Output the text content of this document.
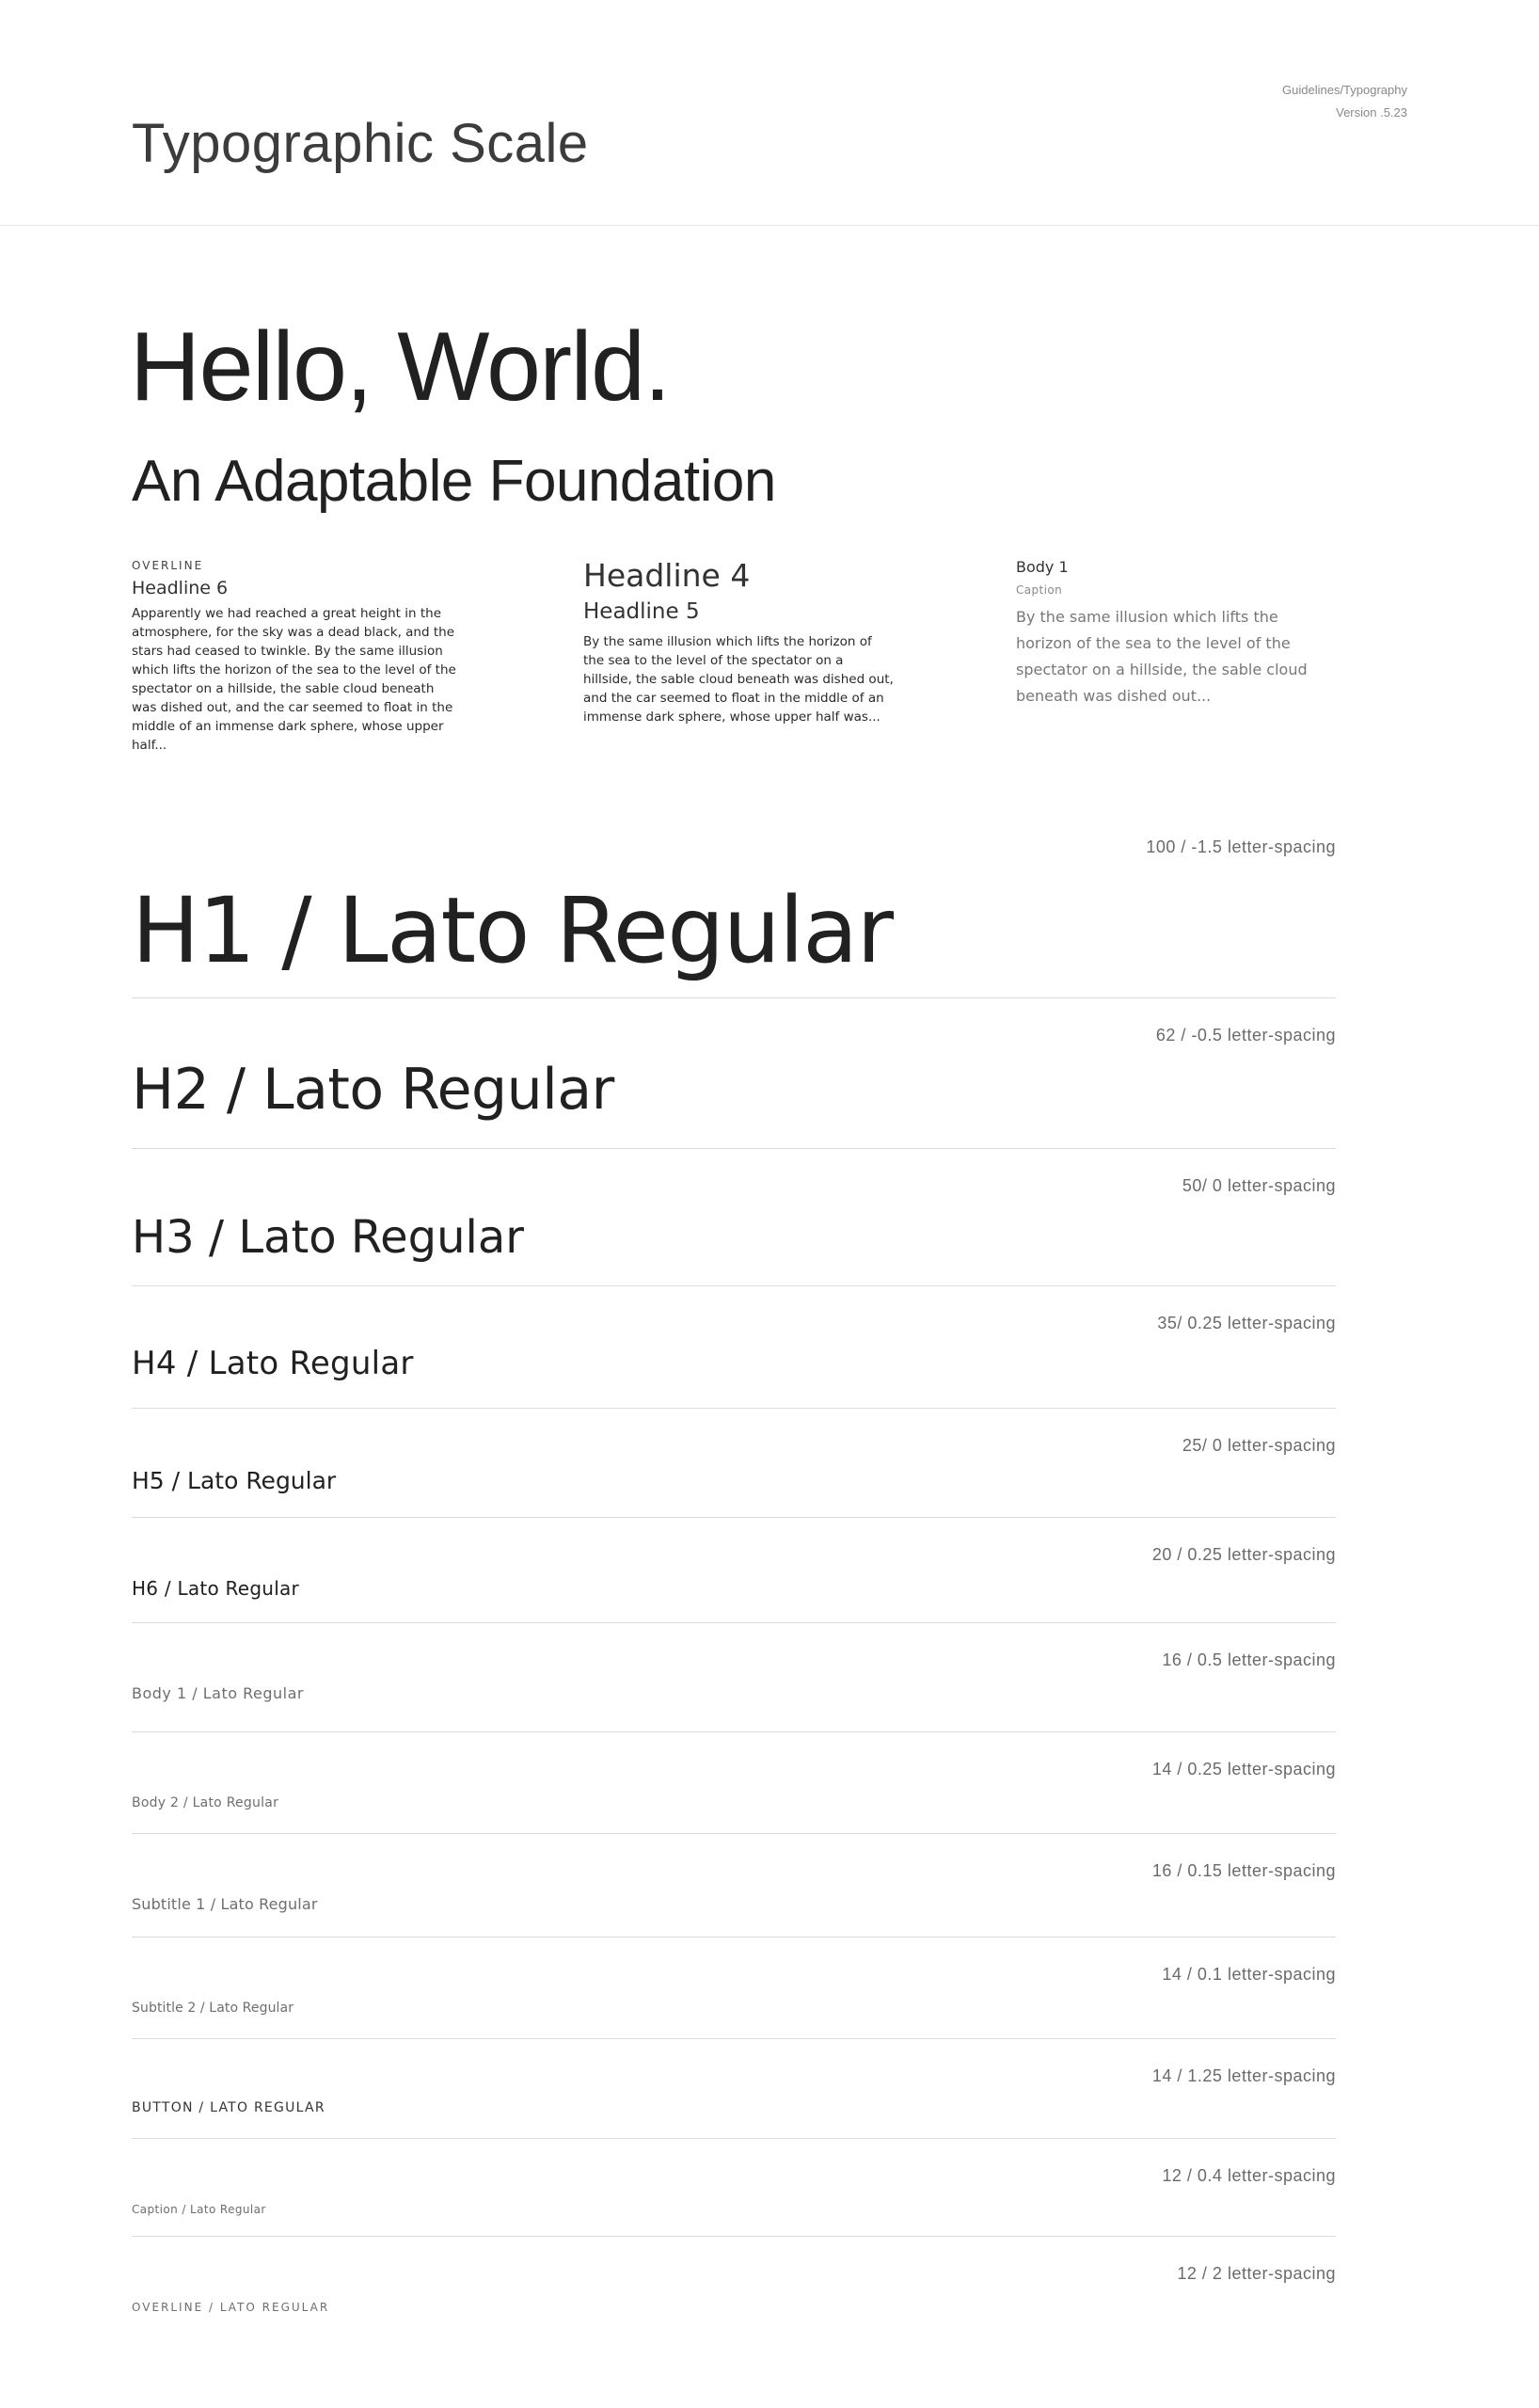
Typographic Scale
Guidelines/Typography
Version .5.23
Hello, World.
An Adaptable Foundation
OVERLINE
Headline 6
Apparently we had reached a great height in the atmosphere, for the sky was a dead black, and the stars had ceased to twinkle. By the same illusion which lifts the horizon of the sea to the level of the spectator on a hillside, the sable cloud beneath was dished out, and the car seemed to float in the middle of an immense dark sphere, whose upper half...
Headline 4
Headline 5
By the same illusion which lifts the horizon of the sea to the level of the spectator on a hillside, the sable cloud beneath was dished out, and the car seemed to float in the middle of an immense dark sphere, whose upper half was...
Body 1
Caption
By the same illusion which lifts the horizon of the sea to the level of the spectator on a hillside, the sable cloud beneath was dished out...
100 / -1.5 letter-spacing
H1 / Lato Regular
62 / -0.5 letter-spacing
H2 / Lato Regular
50/ 0 letter-spacing
H3 / Lato Regular
35/ 0.25 letter-spacing
H4 / Lato Regular
25/ 0 letter-spacing
H5 / Lato Regular
20 / 0.25 letter-spacing
H6 / Lato Regular
16 / 0.5 letter-spacing
Body 1 / Lato Regular
14 / 0.25 letter-spacing
Body 2 / Lato Regular
16 / 0.15 letter-spacing
Subtitle 1 / Lato Regular
14 / 0.1 letter-spacing
Subtitle 2 / Lato Regular
14 / 1.25 letter-spacing
BUTTON / LATO REGULAR
12 / 0.4 letter-spacing
Caption / Lato Regular
12 / 2 letter-spacing
OVERLINE / LATO REGULAR
